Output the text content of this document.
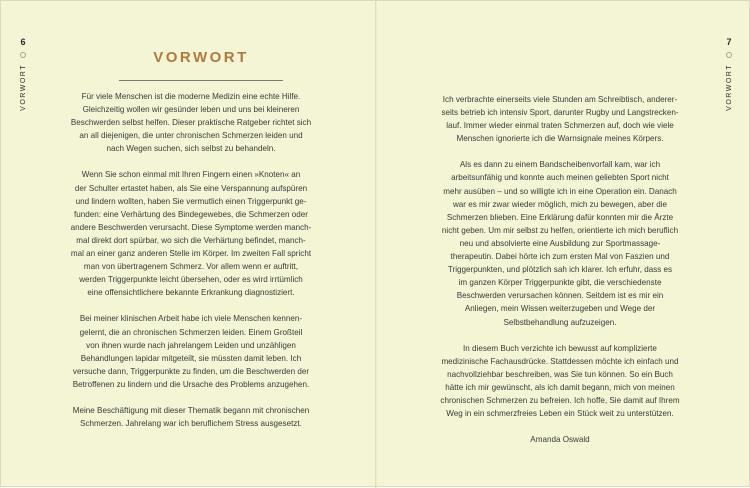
6
VORWORT
7
VORWORT
VORWORT

Für viele Menschen ist die moderne Medizin eine echte Hilfe.
Gleichzeitig wollen wir gesünder leben und uns bei kleineren
Beschwerden selbst helfen. Dieser praktische Ratgeber richtet sich
an all diejenigen, die unter chronischen Schmerzen leiden und
nach Wegen suchen, sich selbst zu behandeln.

Wenn Sie schon einmal mit Ihren Fingern einen »Knoten« an
der Schulter ertastet haben, als Sie eine Verspannung aufspüren
und lindern wollten, haben Sie vermutlich einen Triggerpunkt ge-
funden: eine Verhärtung des Bindegewebes, die Schmerzen oder
andere Beschwerden verursacht. Diese Symptome werden manch-
mal direkt dort spürbar, wo sich die Verhärtung befindet, manch-
mal an einer ganz anderen Stelle im Körper. Im zweiten Fall spricht
man von übertragenem Schmerz. Vor allem wenn er auftritt,
werden Triggerpunkte leicht übersehen, oder es wird irrtümlich
eine offensichtlichere bekannte Erkrankung diagnostiziert.

Bei meiner klinischen Arbeit habe ich viele Menschen kennen-
gelernt, die an chronischen Schmerzen leiden. Einem Großteil
von ihnen wurde nach jahrelangem Leiden und unzähligen
Behandlungen lapidar mitgeteilt, sie müssten damit leben. Ich
versuche dann, Triggerpunkte zu finden, um die Beschwerden der
Betroffenen zu lindern und die Ursache des Problems anzugehen.

Meine Beschäftigung mit dieser Thematik begann mit chronischen
Schmerzen. Jahrelang war ich beruflichem Stress ausgesetzt.

Ich verbrachte einerseits viele Stunden am Schreibtisch, anderer-
seits betrieb ich intensiv Sport, darunter Rugby und Langstrecken-
lauf. Immer wieder einmal traten Schmerzen auf, doch wie viele
Menschen ignorierte ich die Warnsignale meines Körpers.

Als es dann zu einem Bandscheibenvorfall kam, war ich
arbeitsunfähig und konnte auch meinen geliebten Sport nicht
mehr ausüben – und so willigte ich in eine Operation ein. Danach
war es mir zwar wieder möglich, mich zu bewegen, aber die
Schmerzen blieben. Eine Erklärung dafür konnten mir die Ärzte
nicht geben. Um mir selbst zu helfen, orientierte ich mich beruflich
neu und absolvierte eine Ausbildung zur Sportmassage-
therapeutin. Dabei hörte ich zum ersten Mal von Faszien und
Triggerpunkten, und plötzlich sah ich klarer. Ich erfuhr, dass es
im ganzen Körper Triggerpunkte gibt, die verschiedenste
Beschwerden verursachen können. Seitdem ist es mir ein
Anliegen, mein Wissen weiterzugeben und Wege der
Selbstbehandlung aufzuzeigen.

In diesem Buch verzichte ich bewusst auf komplizierte
medizinische Fachausdrücke. Stattdessen möchte ich einfach und
nachvollziehbar beschreiben, was Sie tun können. So ein Buch
hätte ich mir gewünscht, als ich damit begann, mich von meinen
chronischen Schmerzen zu befreien. Ich hoffe, Sie damit auf Ihrem
Weg in ein schmerzfreies Leben ein Stück weit zu unterstützen.

Amanda Oswald
